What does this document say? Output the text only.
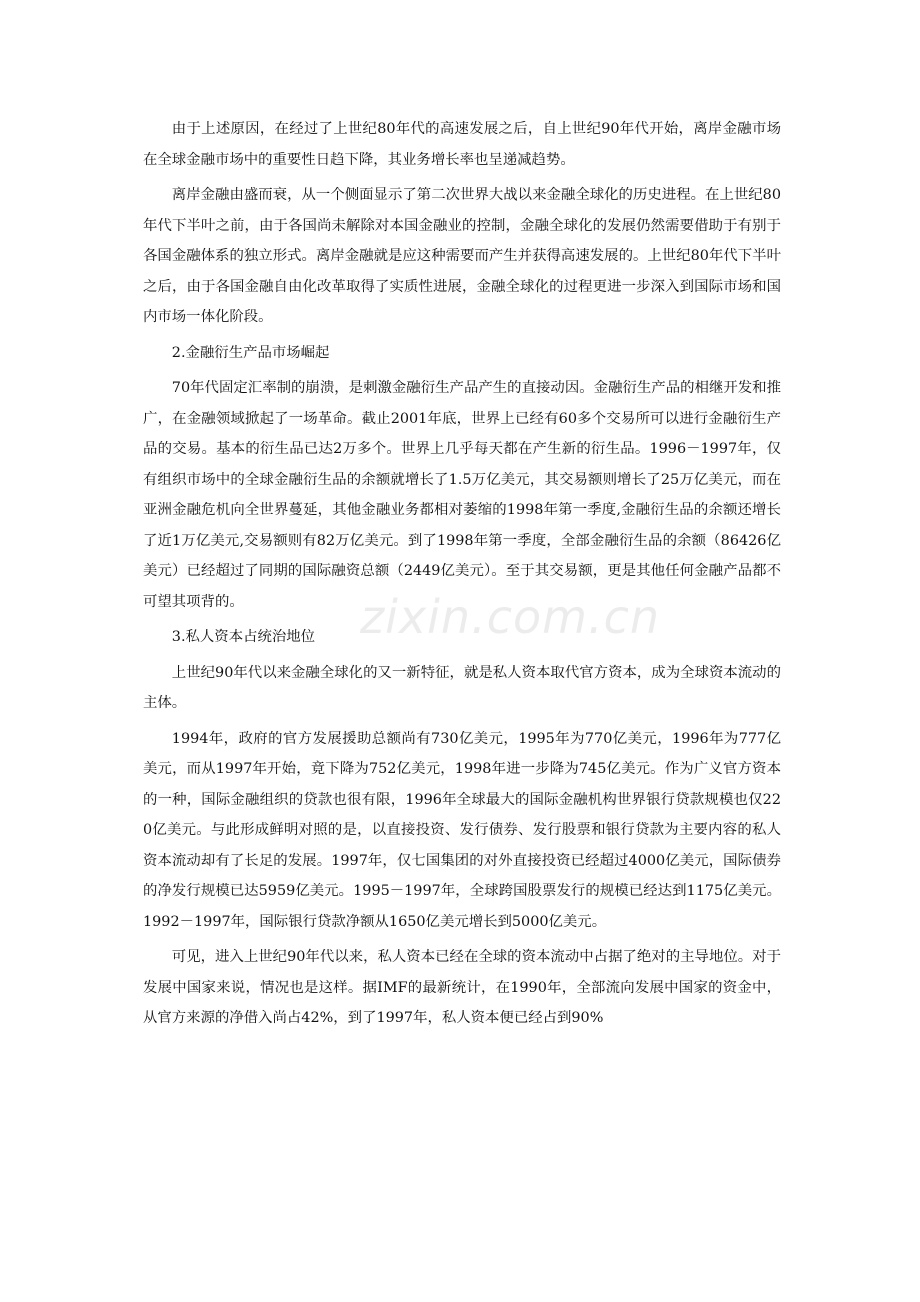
由于上述原因，在经过了上世纪80年代的高速发展之后，自上世纪90年代开始，离岸金融市场在全球金融市场中的重要性日趋下降，其业务增长率也呈递减趋势。

离岸金融由盛而衰，从一个侧面显示了第二次世界大战以来金融全球化的历史进程。在上世纪80年代下半叶之前，由于各国尚未解除对本国金融业的控制，金融全球化的发展仍然需要借助于有别于各国金融体系的独立形式。离岸金融就是应这种需要而产生并获得高速发展的。上世纪80年代下半叶之后，由于各国金融自由化改革取得了实质性进展，金融全球化的过程更进一步深入到国际市场和国内市场一体化阶段。

2.金融衍生产品市场崛起

70年代固定汇率制的崩溃，是刺激金融衍生产品产生的直接动因。金融衍生产品的相继开发和推广，在金融领域掀起了一场革命。截止2001年底，世界上已经有60多个交易所可以进行金融衍生产品的交易。基本的衍生品已达2万多个。世界上几乎每天都在产生新的衍生品。1996－1997年，仅有组织市场中的全球金融衍生品的余额就增长了1.5万亿美元，其交易额则增长了25万亿美元，而在亚洲金融危机向全世界蔓延，其他金融业务都相对萎缩的1998年第一季度,金融衍生品的余额还增长了近1万亿美元,交易额则有82万亿美元。到了1998年第一季度，全部金融衍生品的余额（86426亿美元）已经超过了同期的国际融资总额（2449亿美元）。至于其交易额，更是其他任何金融产品都不可望其项背的。

3.私人资本占统治地位

上世纪90年代以来金融全球化的又一新特征，就是私人资本取代官方资本，成为全球资本流动的主体。

1994年，政府的官方发展援助总额尚有730亿美元，1995年为770亿美元，1996年为777亿美元，而从1997年开始，竟下降为752亿美元，1998年进一步降为745亿美元。作为广义官方资本的一种，国际金融组织的贷款也很有限，1996年全球最大的国际金融机构世界银行贷款规模也仅220亿美元。与此形成鲜明对照的是，以直接投资、发行债券、发行股票和银行贷款为主要内容的私人资本流动却有了长足的发展。1997年，仅七国集团的对外直接投资已经超过4000亿美元，国际债券的净发行规模已达5959亿美元。1995－1997年，全球跨国股票发行的规模已经达到1175亿美元。1992－1997年，国际银行贷款净额从1650亿美元增长到5000亿美元。

可见，进入上世纪90年代以来，私人资本已经在全球的资本流动中占据了绝对的主导地位。对于发展中国家来说，情况也是这样。据IMF的最新统计，在1990年，全部流向发展中国家的资金中，从官方来源的净借入尚占42%，到了1997年，私人资本便已经占到90%

zixin.com.cn
